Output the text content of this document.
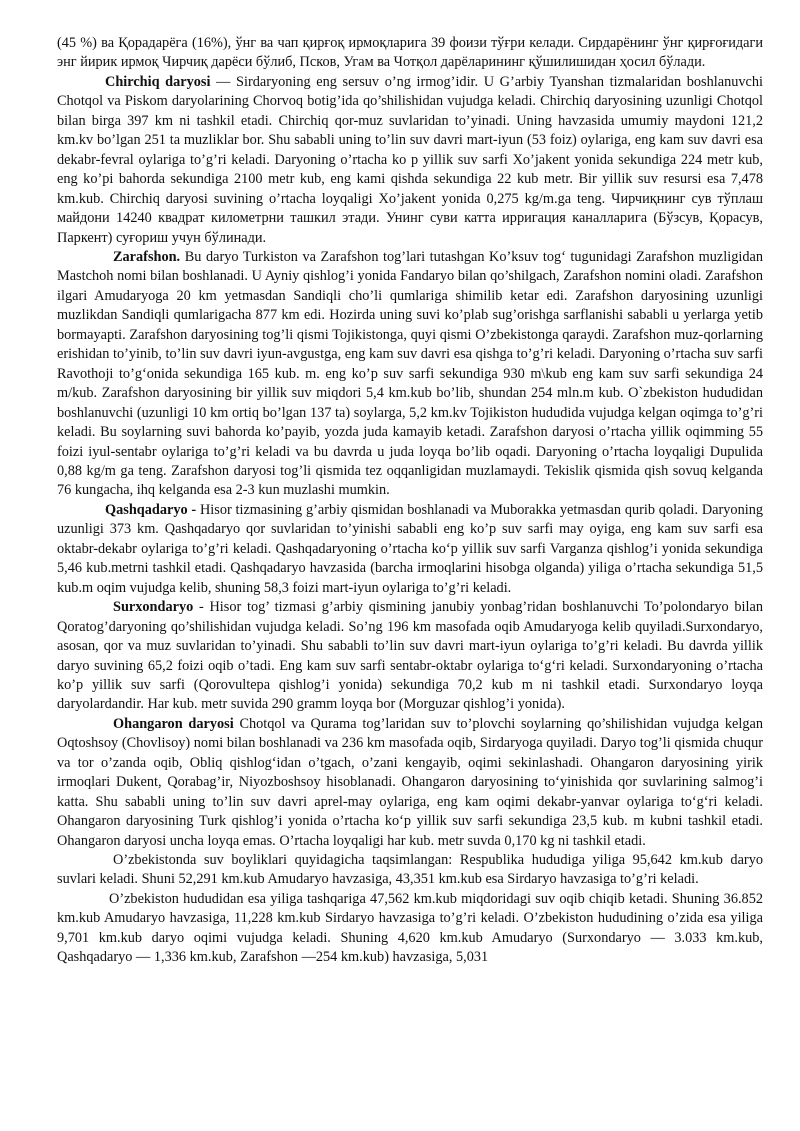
(45 %) ва Қорадарёга (16%), ўнг ва чап қирғоқ ирмоқларига 39 фоизи тўғри келади. Сирдарёнинг ўнг қирғоғидаги энг йирик ирмоқ Чирчиқ дарёси бўлиб, Псков, Угам ва Чотқол дарёларининг қўшилишидан ҳосил бўлади.

Chirchiq daryosi — Sirdaryoning eng sersuv o’ng irmog’idir. U G’arbiy Tyanshan tizmalaridan boshlanuvchi Chotqol va Piskom daryolarining Chorvoq botig’ida qo’shilishidan vujudga keladi. Chirchiq daryosining uzunligi Chotqol bilan birga 397 km ni tashkil etadi. Chirchiq qor-muz suvlaridan to’yinadi. Uning havzasida umumiy maydoni 121,2 km.kv bo’lgan 251 ta muzliklar bor. Shu sababli uning to’lin suv davri mart-iyun (53 foiz) oylariga, eng kam suv davri esa dekabr-fevral oylariga to’g’ri keladi. Daryoning o’rtacha ko p yillik suv sarfi Xo’jakent yonida sekundiga 224 metr kub, eng ko’pi bahorda sekundiga 2100 metr kub, eng kami qishda sekundiga 22 kub metr. Bir yillik suv resursi esa 7,478 km.kub. Chirchiq daryosi suvining o’rtacha loyqaligi Xo’jakent yonida 0,275 kg/m.ga teng. Чирчиқнинг сув тўплаш майдони 14240 квадрат километрни ташкил этади. Унинг суви катта ирригация каналларига (Бўзсув, Қорасув, Паркент) суғориш учун бўлинади.

Zarafshon. Bu daryo Turkiston va Zarafshon tog’lari tutashgan Ko’ksuv tog‘ tugunidagi Zarafshon muzligidan Mastchoh nomi bilan boshlanadi. U Ayniy qishlog’i yonida Fandaryo bilan qo’shilgach, Zarafshon nomini oladi. Zarafshon ilgari Amudaryoga 20 km yetmasdan Sandiqli cho’li qumlariga shimilib ketar edi. Zarafshon daryosining uzunligi muzlikdan Sandiqli qumlarigacha 877 km edi. Hozirda uning suvi ko’plab sug’orishga sarflanishi sababli u yerlarga yetib bormayapti. Zarafshon daryosining tog’li qismi Tojikistonga, quyi qismi O’zbekistonga qaraydi. Zarafshon muz-qorlarning erishidan to’yinib, to’lin suv davri iyun-avgustga, eng kam suv davri esa qishga to’g’ri keladi. Daryoning o’rtacha suv sarfi Ravothoji to’g‘onida sekundiga 165 kub. m. eng ko’p suv sarfi sekundiga 930 m\kub eng kam suv sarfi sekundiga 24 m/kub. Zarafshon daryosining bir yillik suv miqdori 5,4 km.kub bo’lib, shundan 254 mln.m kub. O`zbekiston hududidan boshlanuvchi (uzunligi 10 km ortiq bo’lgan 137 ta) soylarga, 5,2 km.kv Tojikiston hududida vujudga kelgan oqimga to’g’ri keladi. Bu soylarning suvi bahorda ko’payib, yozda juda kamayib ketadi. Zarafshon daryosi o’rtacha yillik oqimming 55 foizi iyul-sentabr oylariga to’g’ri keladi va bu davrda u juda loyqa bo’lib oqadi. Daryoning o’rtacha loyqaligi Dupulida 0,88 kg/m ga teng. Zarafshon daryosi tog’li qismida tez oqqanligidan muzlamaydi. Tekislik qismida qish sovuq kelganda 76 kungacha, ihq kelganda esa 2-3 kun muzlashi mumkin.

Qashqadaryo - Hisor tizmasining g’arbiy qismidan boshlanadi va Muborakka yetmasdan qurib qoladi. Daryoning uzunligi 373 km. Qashqadaryo qor suvlaridan to’yinishi sababli eng ko’p suv sarfi may oyiga, eng kam suv sarfi esa oktabr-dekabr oylariga to’g’ri keladi. Qashqadaryoning o’rtacha ko‘p yillik suv sarfi Varganza qishlog’i yonida sekundiga 5,46 kub.metrni tashkil etadi. Qashqadaryo havzasida (barcha irmoqlarini hisobga olganda) yiliga o’rtacha sekundiga 51,5 kub.m oqim vujudga kelib, shuning 58,3 foizi mart-iyun oylariga to’g’ri keladi.

Surxondaryo - Hisor tog’ tizmasi g’arbiy qismining janubiy yonbag’ridan boshlanuvchi To’polondaryo bilan Qoratog’daryoning qo’shilishidan vujudga keladi. So’ng 196 km masofada oqib Amudaryoga kelib quyiladi.Surxondaryo, asosan, qor va muz suvlaridan to’yinadi. Shu sababli to’lin suv davri mart-iyun oylariga to’g’ri keladi. Bu davrda yillik daryo suvining 65,2 foizi oqib o’tadi. Eng kam suv sarfi sentabr-oktabr oylariga to‘g‘ri keladi. Surxondaryoning o’rtacha ko’p yillik suv sarfi (Qorovultepa qishlog’i yonida) sekundiga 70,2 kub m ni tashkil etadi. Surxondaryo loyqa daryolardandir. Har kub. metr suvida 290 gramm loyqa bor (Morguzar qishlog’i yonida).

Ohangaron daryosi Chotqol va Qurama tog’laridan suv to’plovchi soylarning qo’shilishidan vujudga kelgan Oqtoshsoy (Chovlisoy) nomi bilan boshlanadi va 236 km masofada oqib, Sirdaryoga quyiladi. Daryo tog’li qismida chuqur va tor o’zanda oqib, Obliq qishlog‘idan o’tgach, o’zani kengayib, oqimi sekinlashadi. Ohangaron daryosining yirik irmoqlari Dukent, Qorabag’ir, Niyozboshsoy hisoblanadi. Ohangaron daryosining to‘yinishida qor suvlarining salmog’i katta. Shu sababli uning to’lin suv davri aprel-may oylariga, eng kam oqimi dekabr-yanvar oylariga to‘g‘ri keladi. Ohangaron daryosining Turk qishlog’i yonida o’rtacha ko‘p yillik suv sarfi sekundiga 23,5 kub. m kubni tashkil etadi. Ohangaron daryosi uncha loyqa emas. O’rtacha loyqaligi har kub. metr suvda 0,170 kg ni tashkil etadi.

O’zbekistonda suv boyliklari quyidagicha taqsimlangan: Respublika hududiga yiliga 95,642 km.kub daryo suvlari keladi. Shuni 52,291 km.kub Amudaryo havzasiga, 43,351 km.kub esa Sirdaryo havzasiga to’g’ri keladi.

O’zbekiston hududidan esa yiliga tashqariga 47,562 km.kub miqdoridagi suv oqib chiqib ketadi. Shuning 36.852 km.kub Amudaryo havzasiga, 11,228 km.kub Sirdaryo havzasiga to’g’ri keladi. O’zbekiston hududining o’zida esa yiliga 9,701 km.kub daryo oqimi vujudga keladi. Shuning 4,620 km.kub Amudaryo (Surxondaryo — 3.033 km.kub, Qashqadaryo — 1,336 km.kub, Zarafshon —254 km.kub) havzasiga, 5,031
